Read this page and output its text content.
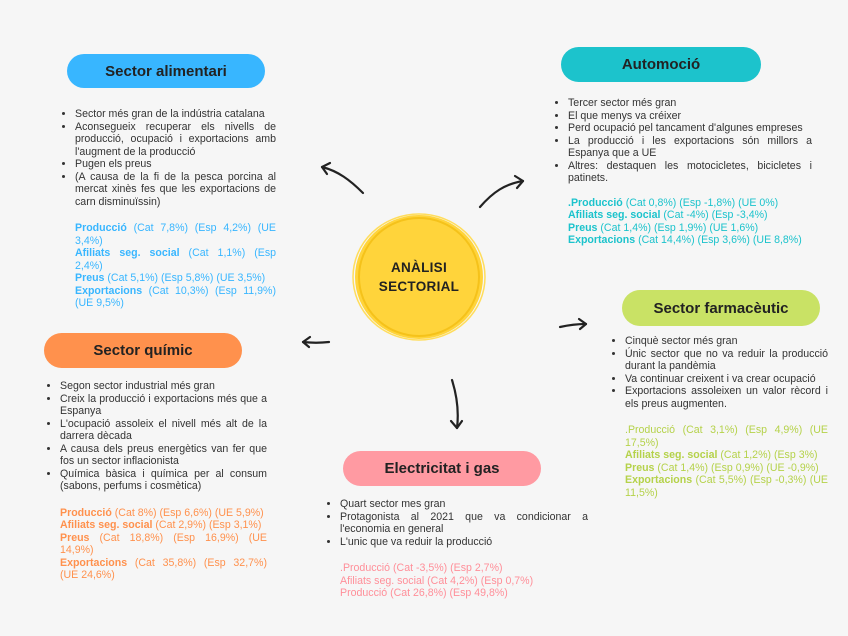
ANÀLISI
SECTORIAL
Sector alimentari
• Sector més gran de la indústria catalana
• Aconsegueix recuperar els nivells de producció, ocupació i exportacions amb l'augment de la producció
• Pugen els preus
• (A causa de la fi de la pesca porcina al mercat xinès fes que les exportacions de carn disminuïssin)
Producció (Cat 7,8%) (Esp 4,2%) (UE 3,4%)
Afiliats seg. social (Cat 1,1%) (Esp 2,4%)
Preus (Cat 5,1%) (Esp 5,8%) (UE 3,5%)
Exportacions (Cat 10,3%) (Esp 11,9%) (UE 9,5%)
Automoció
• Tercer sector més gran
• El que menys va créixer
• Perd ocupació pel tancament d'algunes empreses
• La producció i les exportacions són millors a Espanya que a UE
• Altres: destaquen les motocicletes, bicicletes i patinets.
.Producció (Cat 0,8%) (Esp -1,8%) (UE 0%)
Afiliats seg. social (Cat -4%) (Esp -3,4%)
Preus (Cat 1,4%) (Esp 1,9%) (UE 1,6%)
Exportacions (Cat 14,4%) (Esp 3,6%) (UE 8,8%)
Sector farmacèutic
• Cinquè sector més gran
• Únic sector que no va reduir la producció durant la pandèmia
• Va continuar creixent i va crear ocupació
• Exportacions assoleixen un valor rècord i els preus augmenten.
.Producció (Cat 3,1%) (Esp 4,9%) (UE 17,5%)
Afiliats seg. social (Cat 1,2%) (Esp 3%)
Preus (Cat 1,4%) (Esp 0,9%) (UE -0,9%)
Exportacions (Cat 5,5%) (Esp -0,3%) (UE 11,5%)
Sector químic
• Segon sector industrial més gran
• Creix la producció i exportacions més que a Espanya
• L'ocupació assoleix el nivell més alt de la darrera dècada
• A causa dels preus energètics van fer que fos un sector inflacionista
• Química bàsica i química per al consum (sabons, perfums i cosmètica)
Producció (Cat 8%) (Esp 6,6%) (UE 5,9%)
Afiliats seg. social (Cat 2,9%) (Esp 3,1%)
Preus (Cat 18,8%) (Esp 16,9%) (UE 14,9%)
Exportacions (Cat 35,8%) (Esp 32,7%) (UE 24,6%)
Electricitat i gas
• Quart sector mes gran
• Protagonista al 2021 que va condicionar a l'economia en general
• L'unic que va reduir la producció
.Producció (Cat -3,5%) (Esp 2,7%)
Afiliats seg. social (Cat 4,2%) (Esp 0,7%)
Producció (Cat 26,8%) (Esp 49,8%)
